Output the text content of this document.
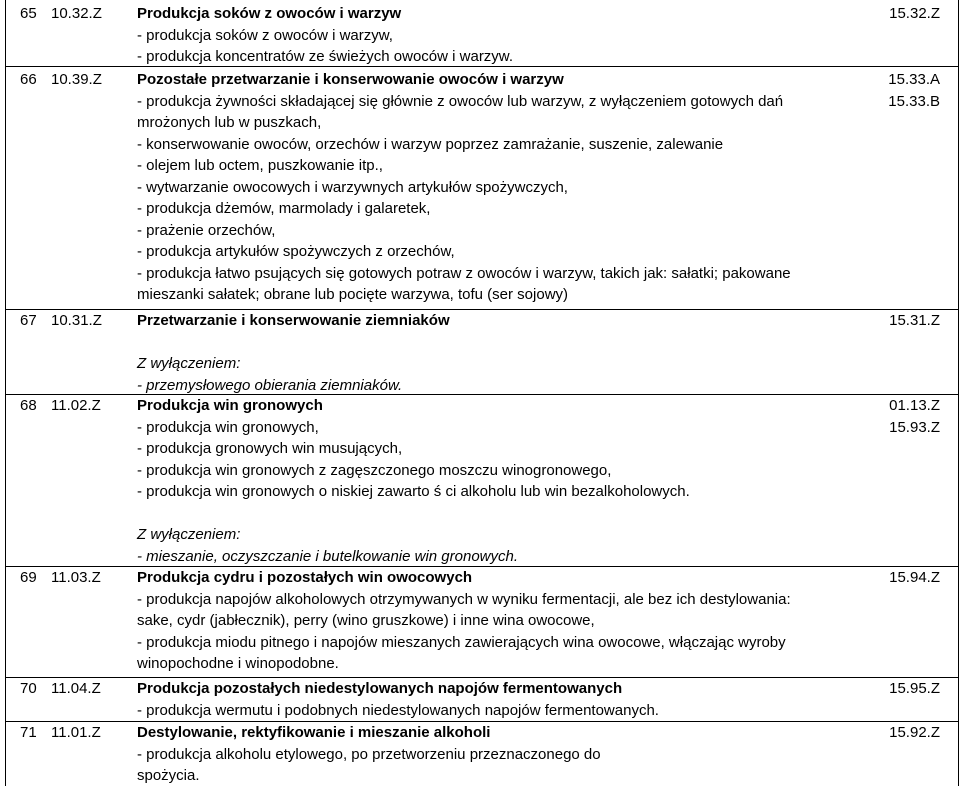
65 10.32.Z Produkcja soków z owoców i warzyw
- produkcja soków z owoców i warzyw,
- produkcja koncentratów ze świeżych owoców i warzyw.
15.32.Z
66 10.39.Z Pozostałe przetwarzanie i konserwowanie owoców i warzyw
- produkcja żywności składającej się głównie z owoców lub warzyw, z wyłączeniem gotowych dań
mrożonych lub w puszkach,
- konserwowanie owoców, orzechów i warzyw poprzez zamrażanie, suszenie, zalewanie
- olejem lub octem, puszkowanie itp.,
- wytwarzanie owocowych i warzywnych artykułów spożywczych,
- produkcja dżemów, marmolady i galaretek,
- prażenie orzechów,
- produkcja artykułów spożywczych z orzechów,
- produkcja łatwo psujących się gotowych potraw z owoców i warzyw, takich jak: sałatki; pakowane
mieszanki sałatek; obrane lub pocięte warzywa, tofu (ser sojowy)
15.33.A
15.33.B
67 10.31.Z Przetwarzanie i konserwowanie ziemniaków
Z wyłączeniem:
- przemysłowego obierania ziemniaków.
15.31.Z
68 11.02.Z Produkcja win gronowych
- produkcja win gronowych,
- produkcja gronowych win musujących,
- produkcja win gronowych z zagęszczonego moszczu winogronowego,
- produkcja win gronowych o niskiej zawarto ś ci alkoholu lub win bezalkoholowych.
Z wyłączeniem:
- mieszanie, oczyszczanie i butelkowanie win gronowych.
01.13.Z
15.93.Z
69 11.03.Z Produkcja cydru i pozostałych win owocowych
- produkcja napojów alkoholowych otrzymywanych w wyniku fermentacji, ale bez ich destylowania:
sake, cydr (jabłecznik), perry (wino gruszkowe) i inne wina owocowe,
- produkcja miodu pitnego i napojów mieszanych zawierających wina owocowe, włączając wyroby
winopochodne i winopodobne.
15.94.Z
70 11.04.Z Produkcja pozostałych niedestylowanych napojów fermentowanych
- produkcja wermutu i podobnych niedestylowanych napojów fermentowanych.
15.95.Z
71 11.01.Z Destylowanie, rektyfikowanie i mieszanie alkoholi
- produkcja alkoholu etylowego, po przetworzeniu przeznaczonego do
spożycia.
15.92.Z
